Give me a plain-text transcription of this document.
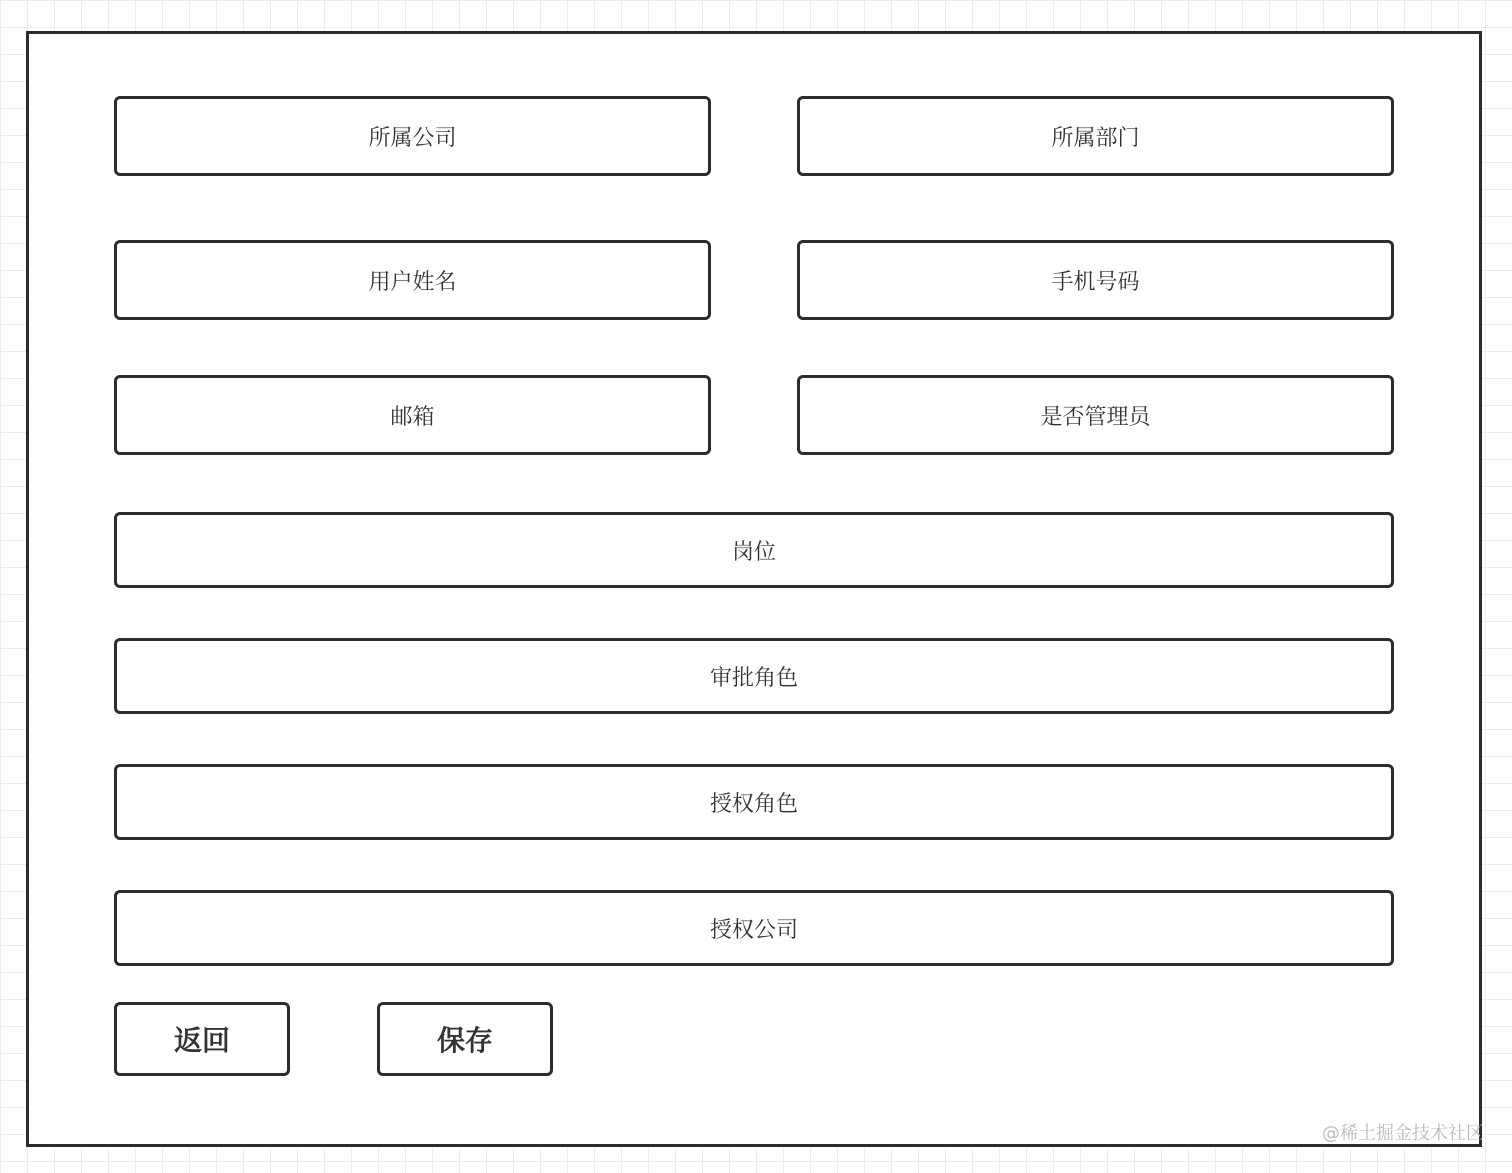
所属公司	所属部门
用户姓名	手机号码
邮箱	是否管理员
岗位
审批角色
授权角色
授权公司
返回	保存
@稀土掘金技术社区
